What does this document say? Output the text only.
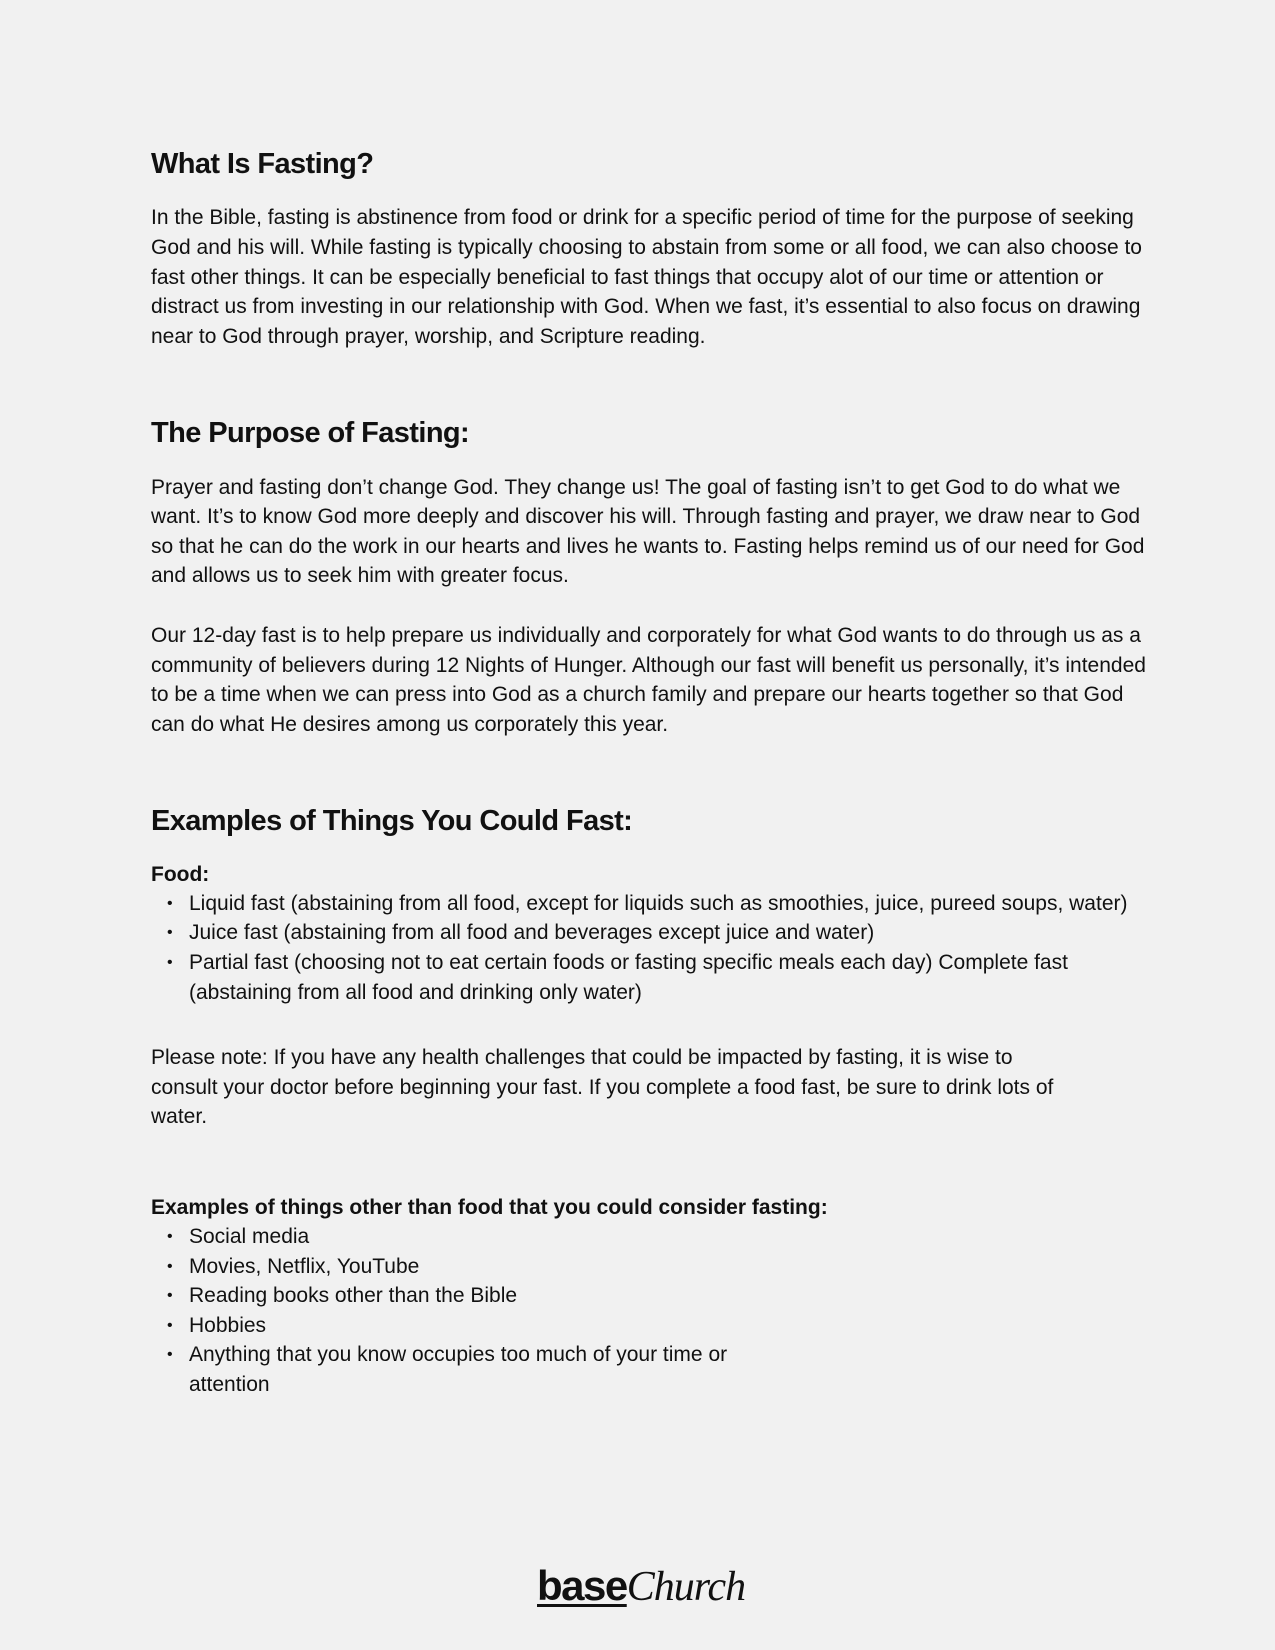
What Is Fasting?

In the Bible, fasting is abstinence from food or drink for a specific period of time for the purpose of seeking God and his will. While fasting is typically choosing to abstain from some or all food, we can also choose to fast other things. It can be especially beneficial to fast things that occupy alot of our time or attention or distract us from investing in our relationship with God. When we fast, it’s essential to also focus on drawing near to God through prayer, worship, and Scripture reading.

The Purpose of Fasting:

Prayer and fasting don’t change God. They change us! The goal of fasting isn’t to get God to do what we want. It’s to know God more deeply and discover his will. Through fasting and prayer, we draw near to God so that he can do the work in our hearts and lives he wants to. Fasting helps remind us of our need for God and allows us to seek him with greater focus.

Our 12-day fast is to help prepare us individually and corporately for what God wants to do through us as a community of believers during 12 Nights of Hunger. Although our fast will benefit us personally, it’s intended to be a time when we can press into God as a church family and prepare our hearts together so that God can do what He desires among us corporately this year.

Examples of Things You Could Fast:
Food:
• Liquid fast (abstaining from all food, except for liquids such as smoothies, juice, pureed soups, water)
• Juice fast (abstaining from all food and beverages except juice and water)
• Partial fast (choosing not to eat certain foods or fasting specific meals each day) Complete fast (abstaining from all food and drinking only water)

Please note: If you have any health challenges that could be impacted by fasting, it is wise to consult your doctor before beginning your fast. If you complete a food fast, be sure to drink lots of water.

Examples of things other than food that you could consider fasting:
• Social media
• Movies, Netflix, YouTube
• Reading books other than the Bible
• Hobbies
• Anything that you know occupies too much of your time or attention
baseChurch
